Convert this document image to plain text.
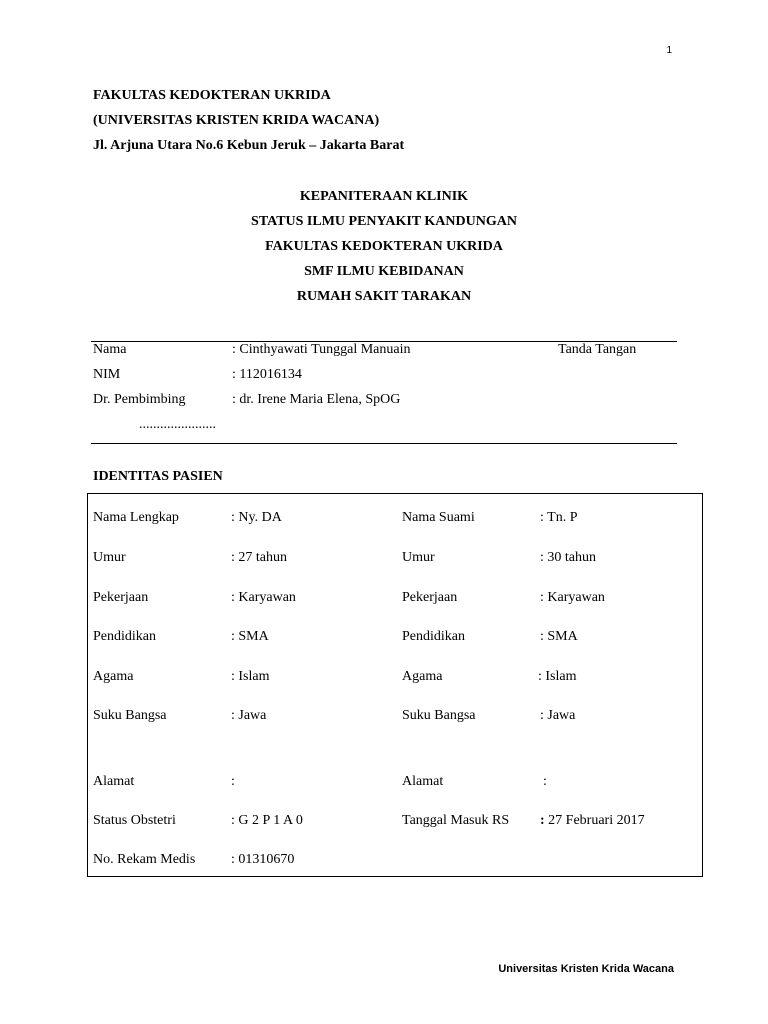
1
FAKULTAS KEDOKTERAN UKRIDA
(UNIVERSITAS KRISTEN KRIDA WACANA)
Jl. Arjuna Utara No.6 Kebun Jeruk – Jakarta Barat
KEPANITERAAN KLINIK
STATUS ILMU PENYAKIT KANDUNGAN
FAKULTAS KEDOKTERAN UKRIDA
SMF ILMU KEBIDANAN
RUMAH SAKIT TARAKAN
Nama	: Cinthyawati Tunggal Manuain	Tanda Tangan
NIM	: 112016134
Dr. Pembimbing	: dr. Irene Maria Elena, SpOG
......................
IDENTITAS PASIEN
Nama Lengkap	: Ny. DA	Nama Suami	: Tn. P
Umur	: 27 tahun	Umur	: 30 tahun
Pekerjaan	: Karyawan	Pekerjaan	: Karyawan
Pendidikan	: SMA	Pendidikan	: SMA
Agama	: Islam	Agama	: Islam
Suku Bangsa	: Jawa	Suku Bangsa	: Jawa
Alamat	:	Alamat	:
Status Obstetri	: G 2 P 1 A 0	Tanggal Masuk RS : 27 Februari 2017
No. Rekam Medis	: 01310670
Universitas Kristen Krida Wacana
